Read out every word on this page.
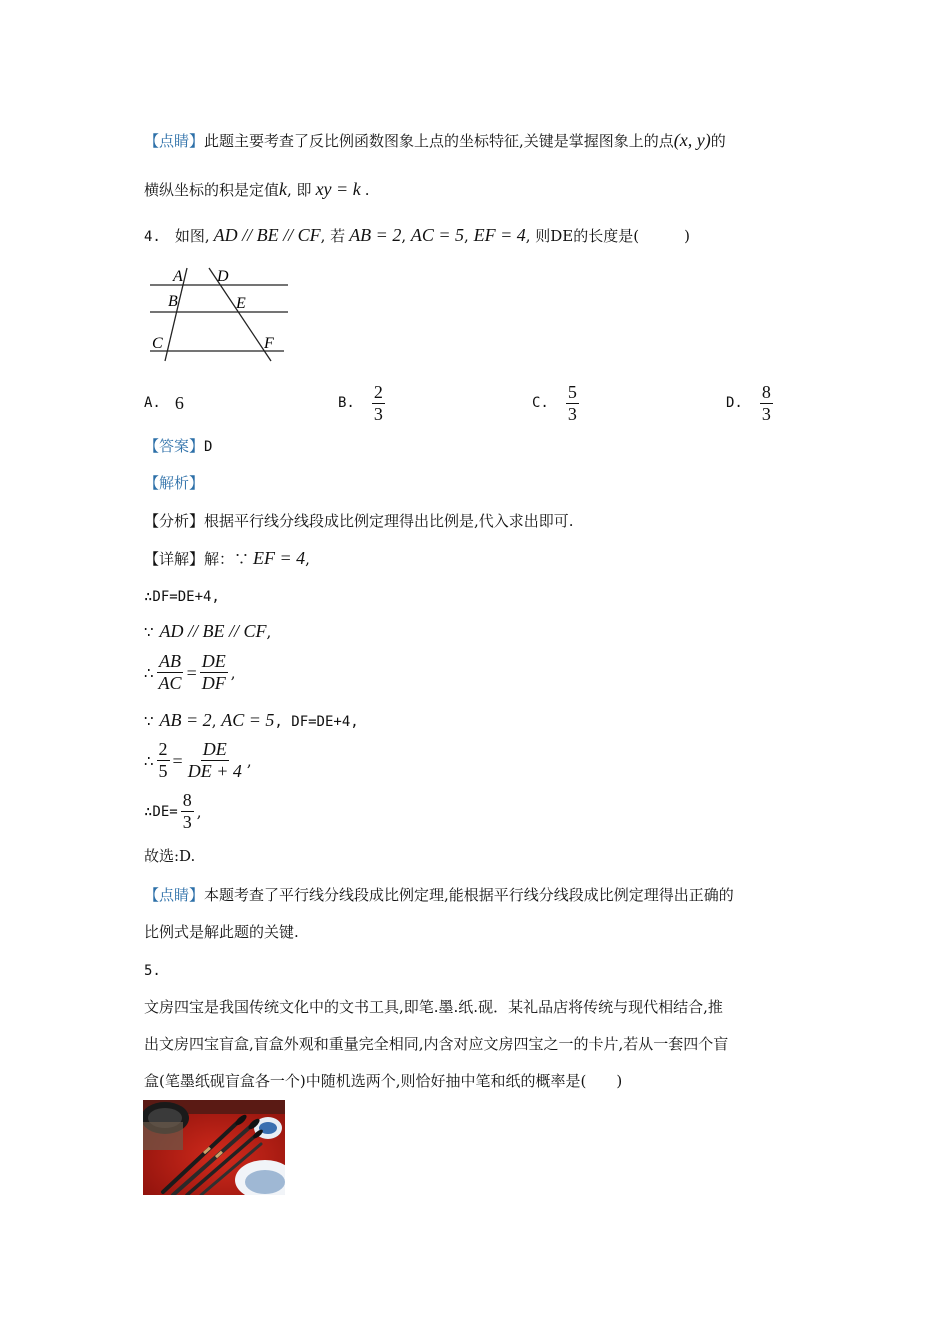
【点睛】此题主要考查了反比例函数图象上点的坐标特征,关键是掌握图象上的点(x, y)的
横纵坐标的积是定值k, 即 xy = k .
4. 如图, AD // BE // CF, 若 AB = 2, AC = 5, EF = 4, 则DE的长度是(　　　)
A D
B	E
C	F
A. 6	B. $\frac{2}{3}$	C. $\frac{5}{3}$	D. $\frac{8}{3}$
【答案】D
【解析】
【分析】根据平行线分线段成比例定理得出比例是,代入求出即可.
【详解】解：∵ EF = 4,
∴DF=DE+4,
∵ AD // BE // CF,
∴ $\frac{AB}{AC} = \frac{DE}{DF}$ ,
∵ AB = 2, AC = 5, DF=DE+4,
∴ $\frac{2}{5} = \frac{DE}{DE + 4}$ ,
∴DE= $\frac{8}{3}$ ,
故选:D.
【点睛】本题考查了平行线分线段成比例定理,能根据平行线分线段成比例定理得出正确的
比例式是解此题的关键.
5.
文房四宝是我国传统文化中的文书工具,即笔.墨.纸.砚．某礼品店将传统与现代相结合,推
出文房四宝盲盒,盲盒外观和重量完全相同,内含对应文房四宝之一的卡片,若从一套四个盲
盒(笔墨纸砚盲盒各一个)中随机选两个,则恰好抽中笔和纸的概率是(　　)
